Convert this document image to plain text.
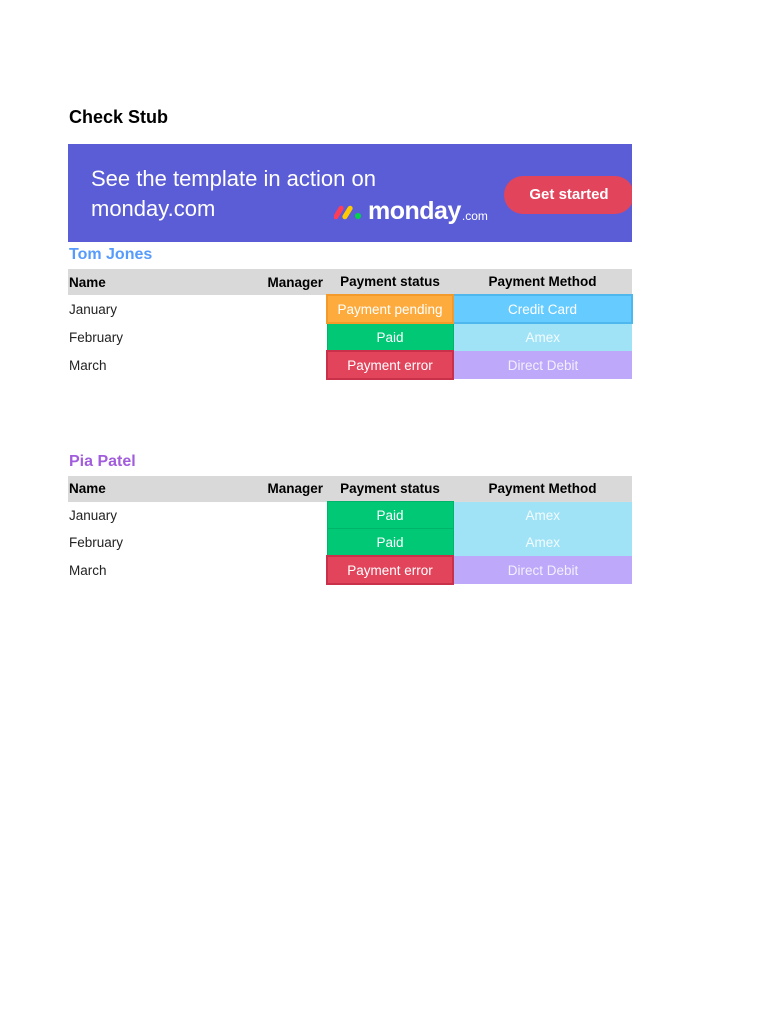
Check Stub
See the template in action on
monday.com	monday .com
Get started
Tom Jones
Name	Manager	Payment status	Payment Method
January		Payment pending	Credit Card
February		Paid	Amex
March		Payment error	Direct Debit
Pia Patel
Name	Manager	Payment status	Payment Method
January		Paid	Amex
February		Paid	Amex
March		Payment error	Direct Debit
